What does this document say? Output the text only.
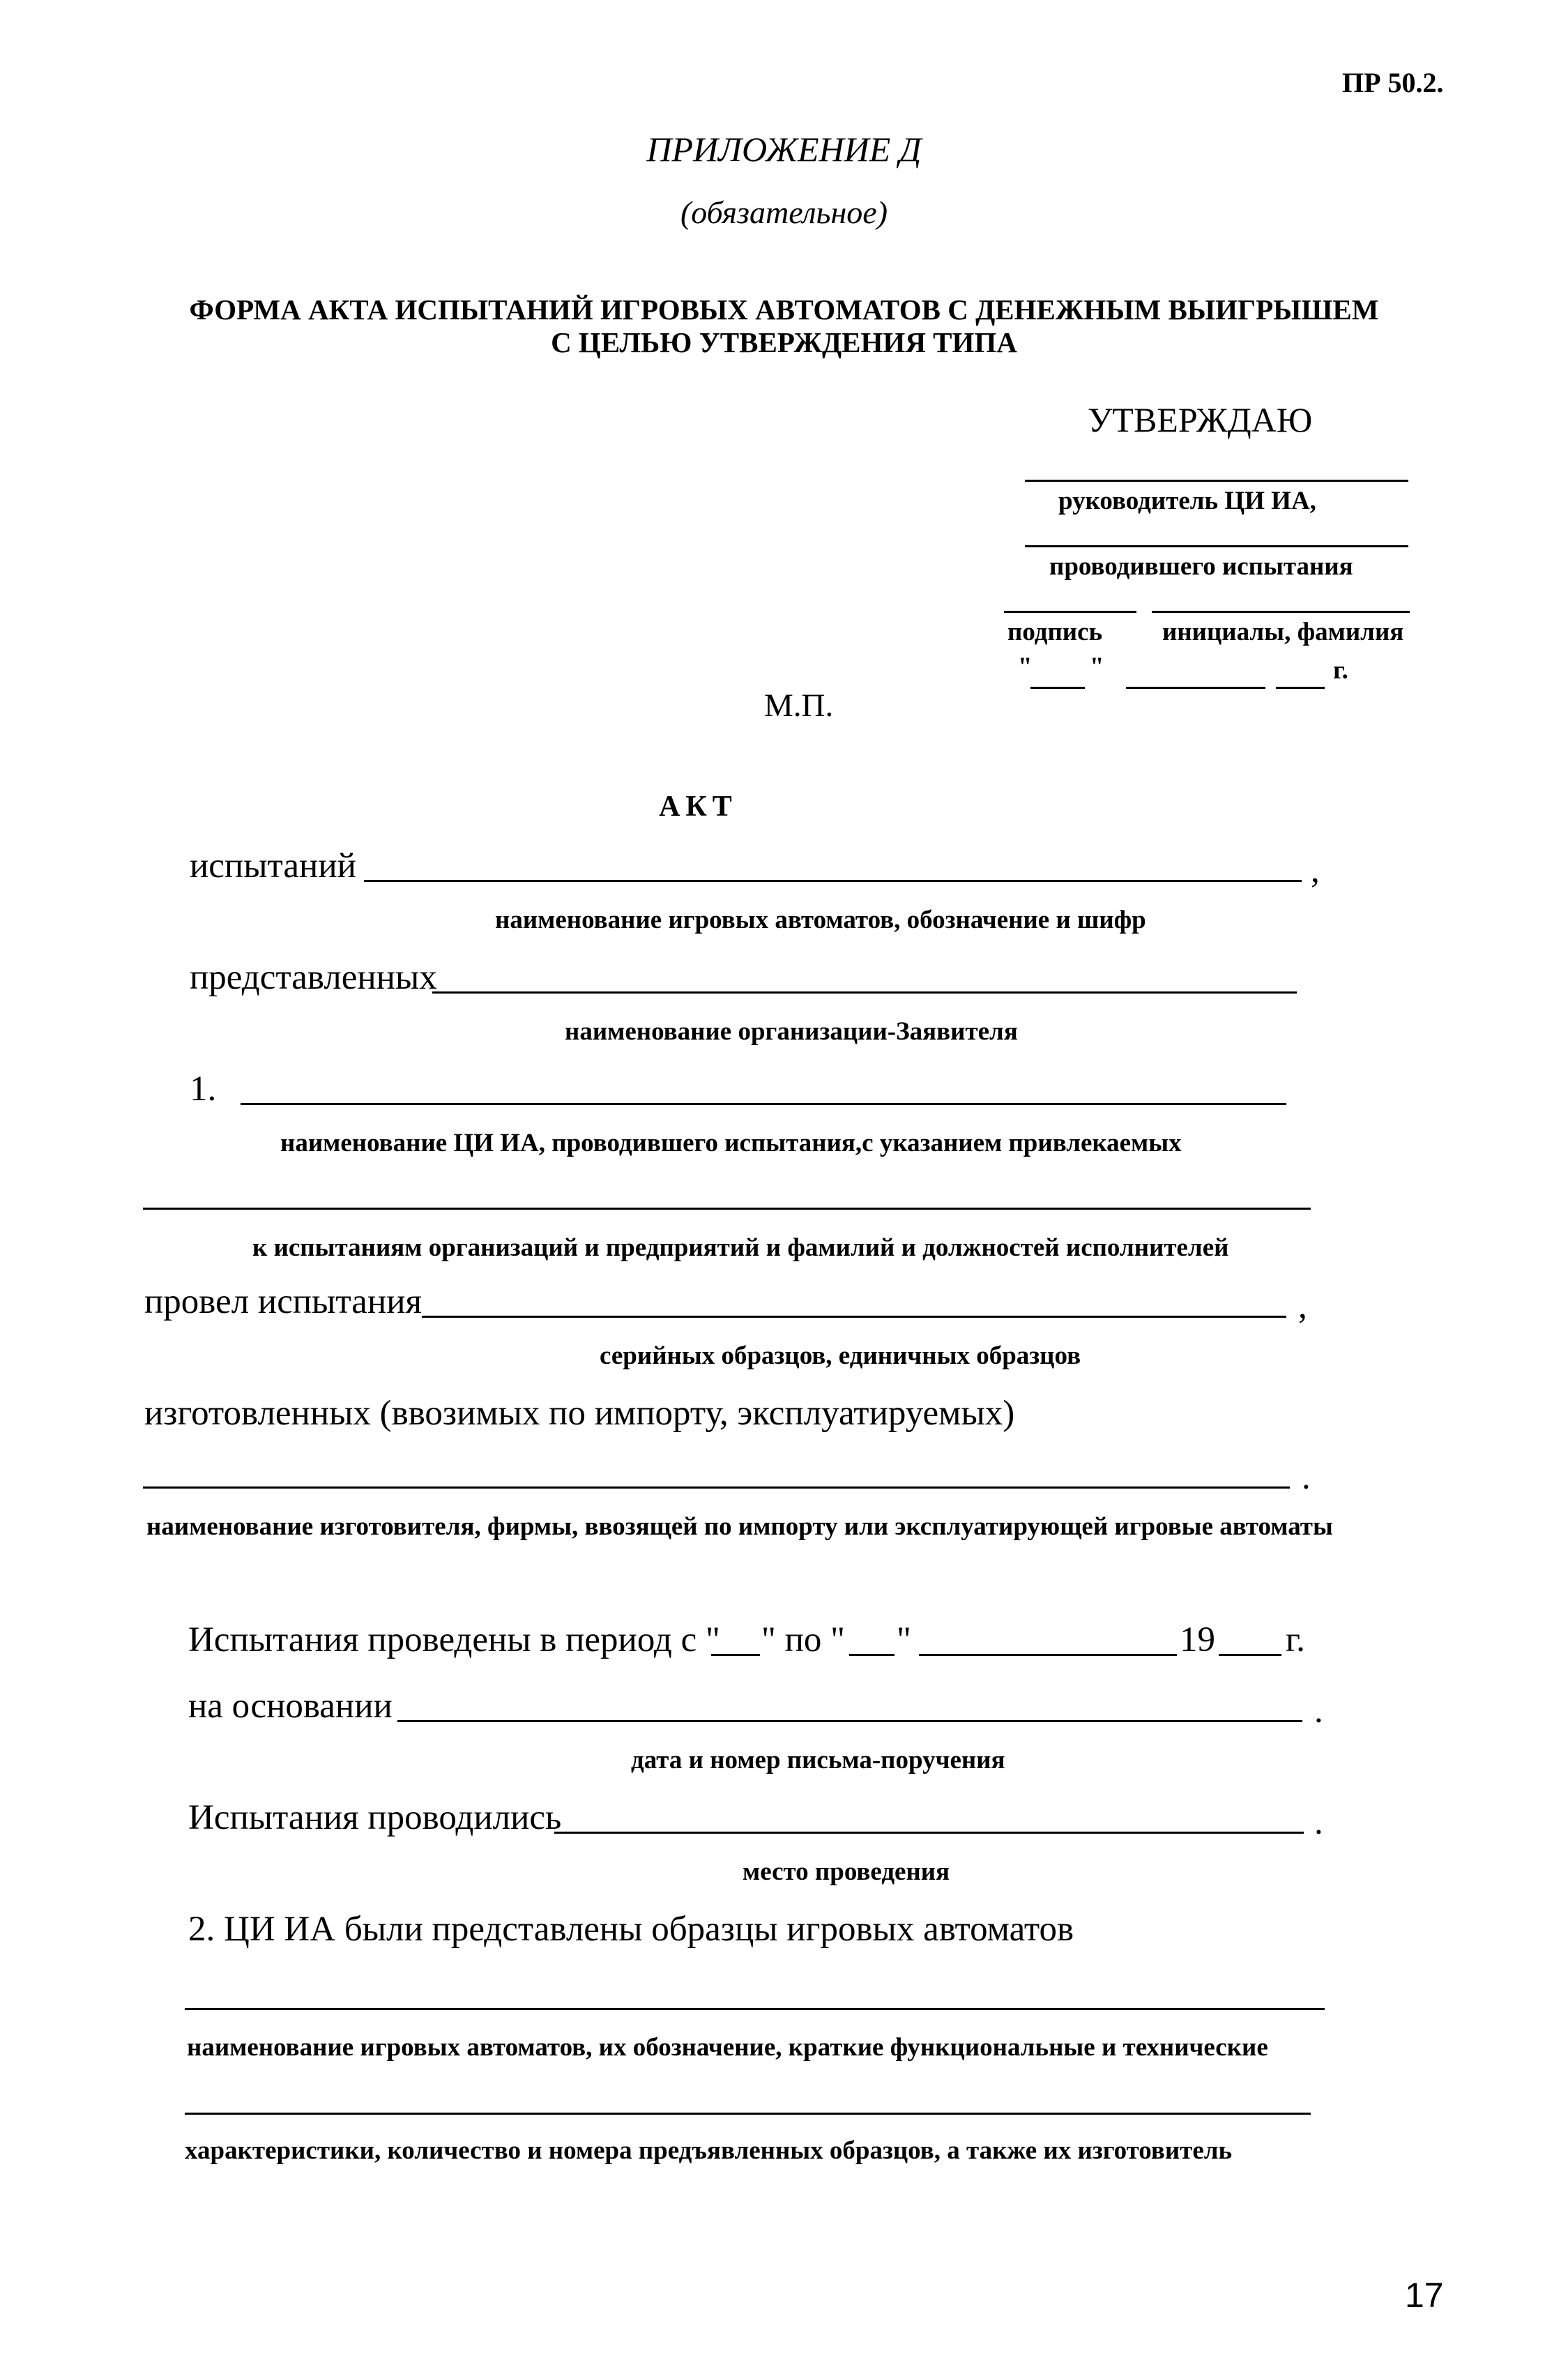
ПР 50.2.
ПРИЛОЖЕНИЕ Д
(обязательное)
ФОРМА АКТА ИСПЫТАНИЙ ИГРОВЫХ АВТОМАТОВ С ДЕНЕЖНЫМ ВЫИГРЫШЕМ
С ЦЕЛЬЮ УТВЕРЖДЕНИЯ ТИПА
УТВЕРЖДАЮ
руководитель ЦИ ИА,
проводившего испытания
подпись инициалы, фамилия
" "	г.
М.П.
АКТ
испытаний	,
наименование игровых автоматов, обозначение и шифр
представленных
наименование организации-Заявителя
1.
наименование ЦИ ИА, проводившего испытания,с указанием привлекаемых
к испытаниям организаций и предприятий и фамилий и должностей исполнителей
провел испытания	,
серийных образцов, единичных образцов
изготовленных (ввозимых по импорту, эксплуатируемых)
.
наименование изготовителя, фирмы, ввозящей по импорту или эксплуатирующей игровые автоматы
Испытания проведены в период с " " по " "	19 г.
на основании	.
дата и номер письма-поручения
Испытания проводились	.
место проведения
2. ЦИ ИА были представлены образцы игровых автоматов
наименование игровых автоматов, их обозначение, краткие функциональные и технические
характеристики, количество и номера предъявленных образцов, а также их изготовитель
17
